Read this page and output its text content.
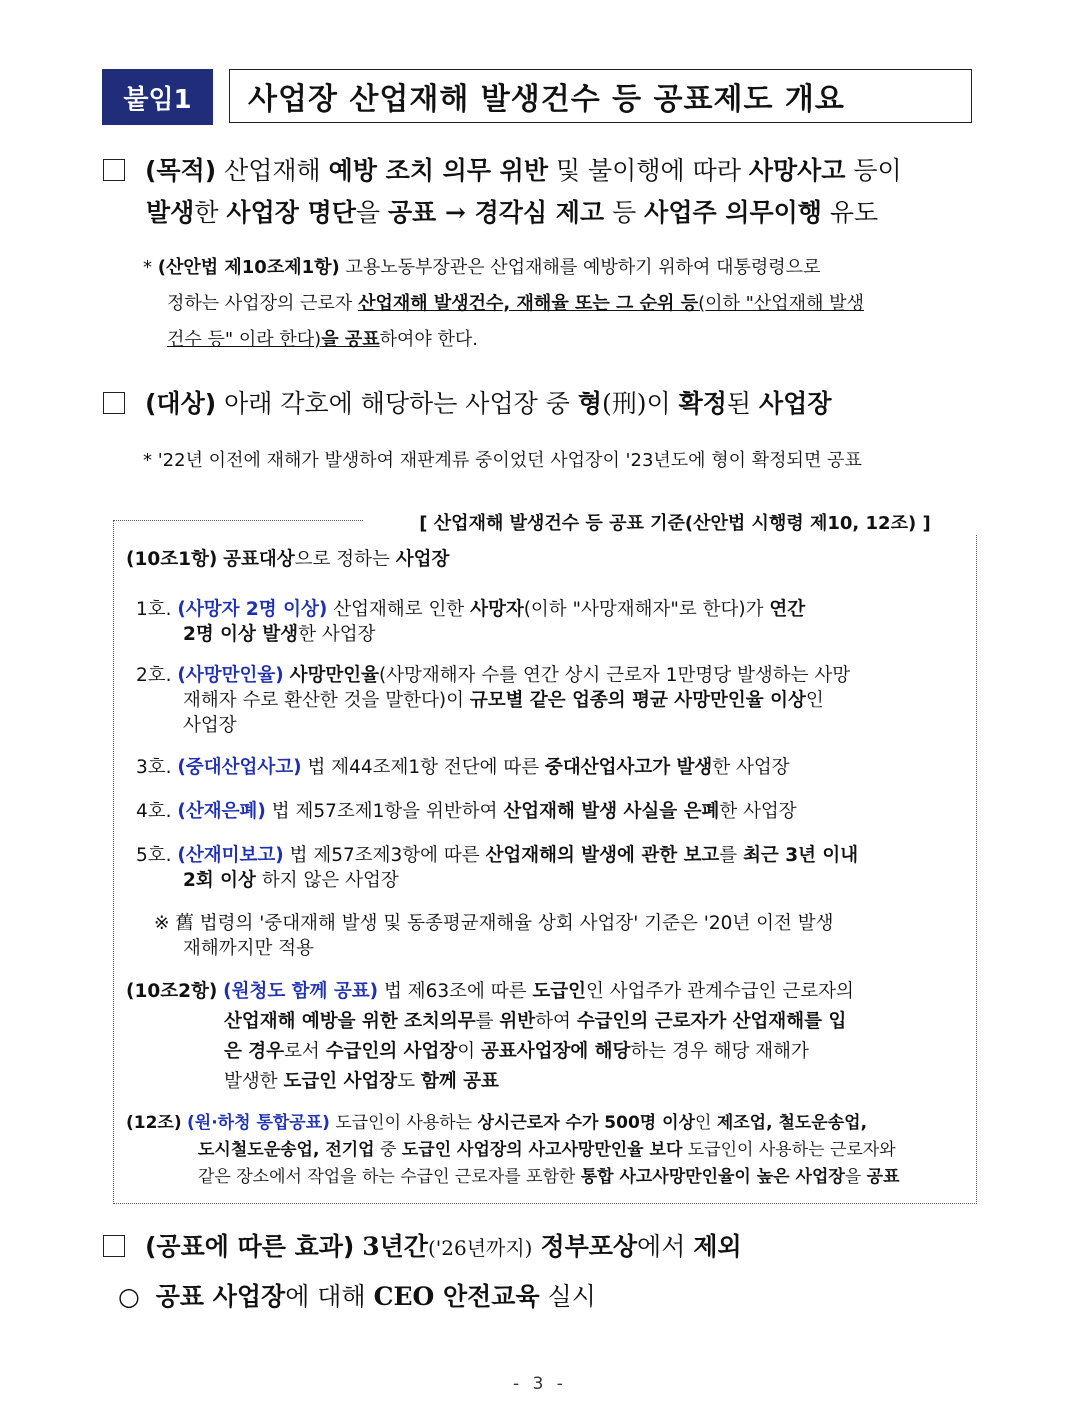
붙임1	사업장 산업재해 발생건수 등 공표제도 개요
(목적) 산업재해 예방 조치 의무 위반 및 불이행에 따라 사망사고 등이
발생한 사업장 명단을 공표 → 경각심 제고 등 사업주 의무이행 유도
* (산안법 제10조제1항) 고용노동부장관은 산업재해를 예방하기 위하여 대통령령으로
정하는 사업장의 근로자 산업재해 발생건수, 재해율 또는 그 순위 등(이하 "산업재해 발생
건수 등" 이라 한다)을 공표하여야 한다.
(대상) 아래 각호에 해당하는 사업장 중 형(刑)이 확정된 사업장
* '22년 이전에 재해가 발생하여 재판계류 중이었던 사업장이 '23년도에 형이 확정되면 공표
[ 산업재해 발생건수 등 공표 기준(산안법 시행령 제10, 12조) ]
(10조1항) 공표대상으로 정하는 사업장
1호. (사망자 2명 이상) 산업재해로 인한 사망자(이하 "사망재해자"로 한다)가 연간
2명 이상 발생한 사업장
2호. (사망만인율) 사망만인율(사망재해자 수를 연간 상시 근로자 1만명당 발생하는 사망
재해자 수로 환산한 것을 말한다)이 규모별 같은 업종의 평균 사망만인율 이상인
사업장
3호. (중대산업사고) 법 제44조제1항 전단에 따른 중대산업사고가 발생한 사업장
4호. (산재은폐) 법 제57조제1항을 위반하여 산업재해 발생 사실을 은폐한 사업장
5호. (산재미보고) 법 제57조제3항에 따른 산업재해의 발생에 관한 보고를 최근 3년 이내
2회 이상 하지 않은 사업장
※ 舊 법령의 '중대재해 발생 및 동종평균재해율 상회 사업장' 기준은 '20년 이전 발생
재해까지만 적용
(10조2항) (원청도 함께 공표) 법 제63조에 따른 도급인인 사업주가 관계수급인 근로자의
산업재해 예방을 위한 조치의무를 위반하여 수급인의 근로자가 산업재해를 입
은 경우로서 수급인의 사업장이 공표사업장에 해당하는 경우 해당 재해가
발생한 도급인 사업장도 함께 공표
(12조) (원·하청 통합공표) 도급인이 사용하는 상시근로자 수가 500명 이상인 제조업, 철도운송업,
도시철도운송업, 전기업 중 도급인 사업장의 사고사망만인율 보다 도급인이 사용하는 근로자와
같은 장소에서 작업을 하는 수급인 근로자를 포함한 통합 사고사망만인율이 높은 사업장을 공표
(공표에 따른 효과) 3년간('26년까지) 정부포상에서 제외
○ 공표 사업장에 대해 CEO 안전교육 실시
- 3 -
